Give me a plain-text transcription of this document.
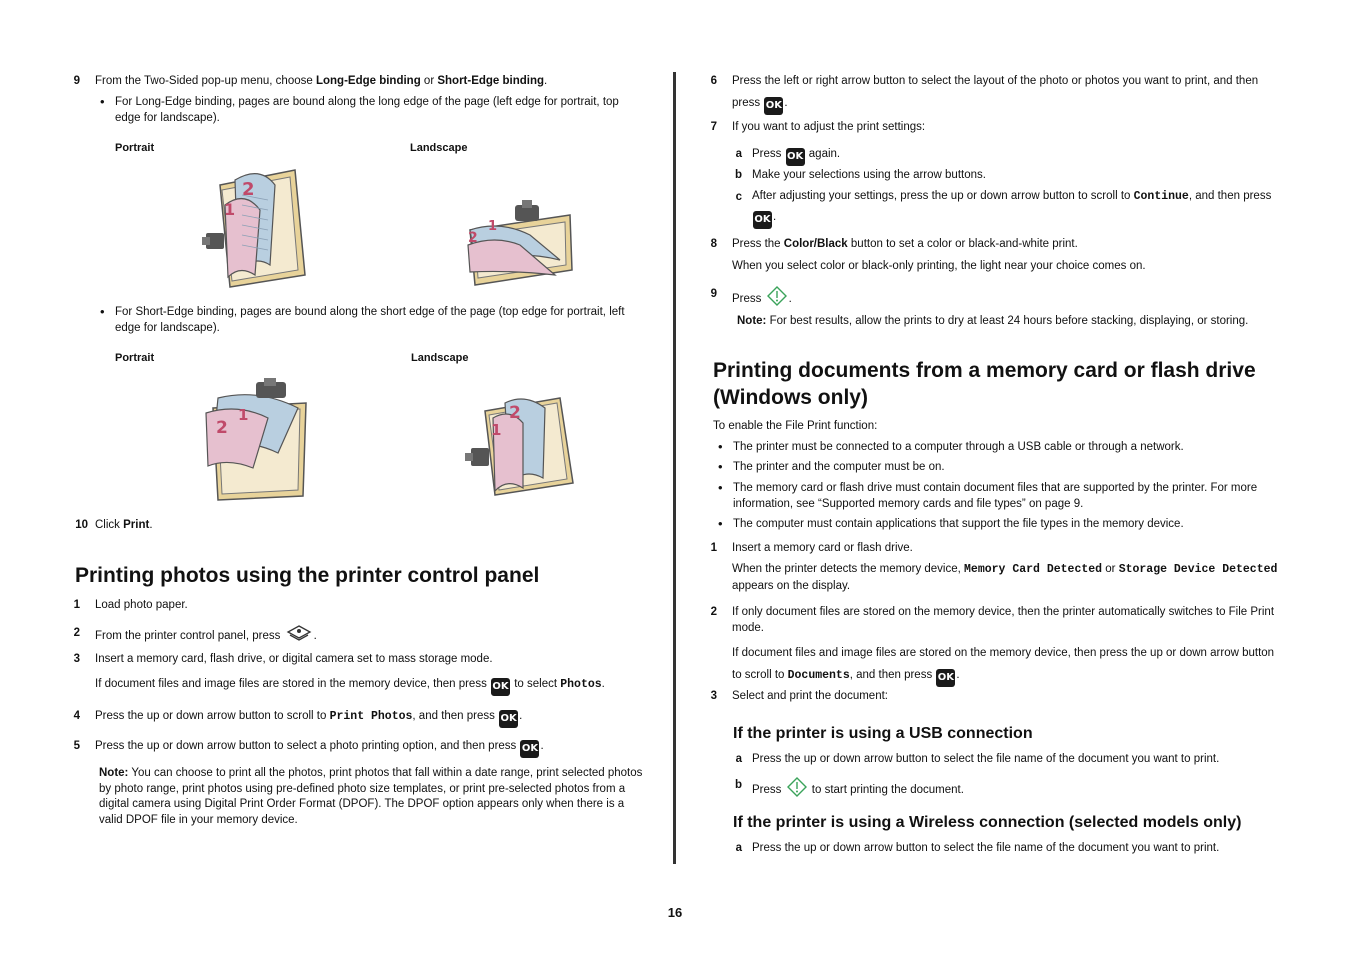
9 From the Two-Sided pop-up menu, choose Long-Edge binding or Short-Edge binding.
• For Long-Edge binding, pages are bound along the long edge of the page (left edge for portrait, top edge for landscape).
Portrait	Landscape
2
1
2
1
• For Short-Edge binding, pages are bound along the short edge of the page (top edge for portrait, left edge for landscape).
Portrait	Landscape
2
1	2
1
10 Click Print.
Printing photos using the printer control panel
1 Load photo paper.
2 From the printer control panel, press	.
3 Insert a memory card, flash drive, or digital camera set to mass storage mode.
If document files and image files are stored in the memory device, then press OK to select Photos.
4 Press the up or down arrow button to scroll to Print Photos, and then press OK .
5 Press the up or down arrow button to select a photo printing option, and then press OK .
Note: You can choose to print all the photos, print photos that fall within a date range, print selected photos by photo range, print photos using pre-defined photo size templates, or print pre-selected photos from a digital camera using Digital Print Order Format (DPOF). The DPOF option appears only when there is a valid DPOF file in your memory device.
6 Press the left or right arrow button to select the layout of the photo or photos you want to print, and then press OK .
7 If you want to adjust the print settings:
a Press OK again.
b Make your selections using the arrow buttons.
c After adjusting your settings, press the up or down arrow button to scroll to Continue, and then press OK .
8 Press the Color/Black button to set a color or black-and-white print.
When you select color or black-only printing, the light near your choice comes on.
9 Press .
Note: For best results, allow the prints to dry at least 24 hours before stacking, displaying, or storing.
Printing documents from a memory card or flash drive (Windows only)
To enable the File Print function:
• The printer must be connected to a computer through a USB cable or through a network.
• The printer and the computer must be on.
• The memory card or flash drive must contain document files that are supported by the printer. For more information, see “Supported memory cards and file types” on page 9.
• The computer must contain applications that support the file types in the memory device.
1 Insert a memory card or flash drive.
When the printer detects the memory device, Memory Card Detected or Storage Device Detected appears on the display.
2 If only document files are stored on the memory device, then the printer automatically switches to File Print mode.
If document files and image files are stored on the memory device, then press the up or down arrow button to scroll to Documents, and then press OK .
3 Select and print the document:
If the printer is using a USB connection
a Press the up or down arrow button to select the file name of the document you want to print.
b Press  to start printing the document.
If the printer is using a Wireless connection (selected models only)
a Press the up or down arrow button to select the file name of the document you want to print.
16
